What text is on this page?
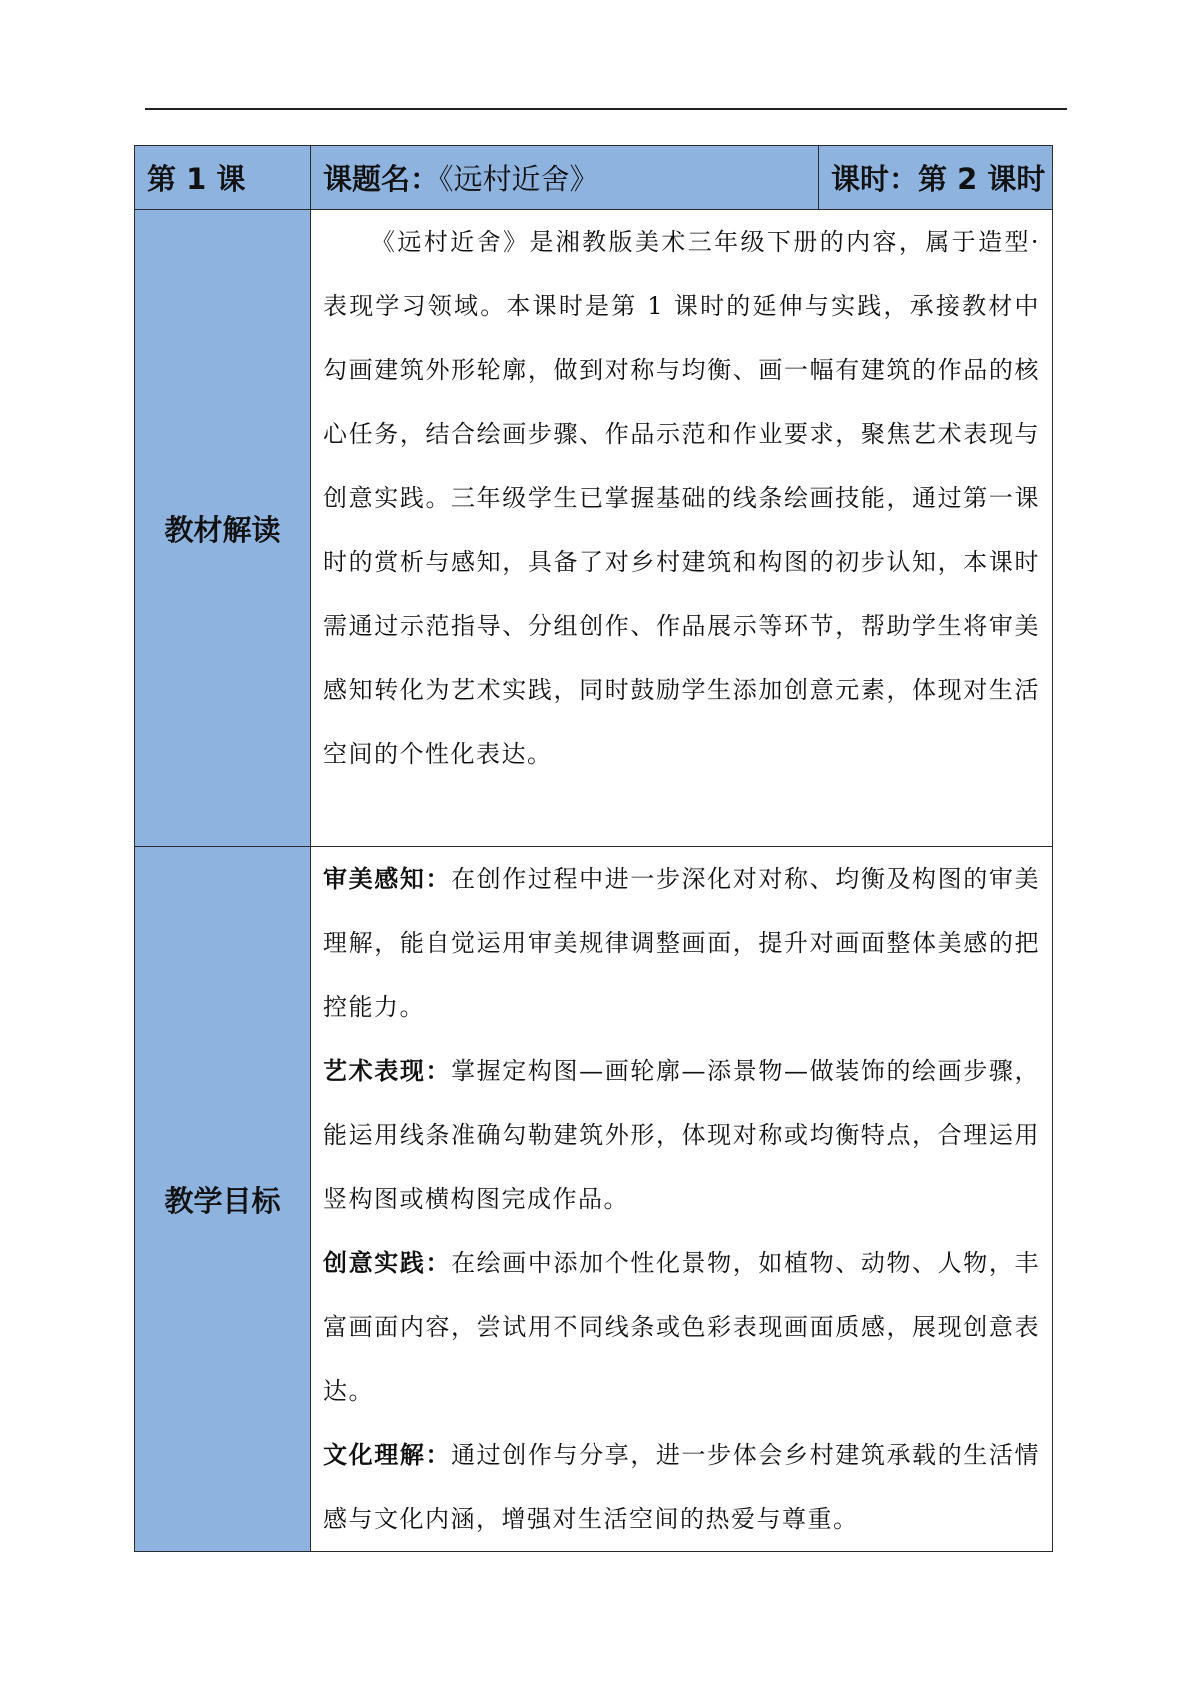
第 1 课	课题名：《远村近舍》	课时：第 2 课时
教材解读	《远村近舍》是湘教版美术三年级下册的内容，属于造型·表现学习领域。本课时是第 1 课时的延伸与实践，承接教材中勾画建筑外形轮廓，做到对称与均衡、画一幅有建筑的作品的核心任务，结合绘画步骤、作品示范和作业要求，聚焦艺术表现与创意实践。三年级学生已掌握基础的线条绘画技能，通过第一课时的赏析与感知，具备了对乡村建筑和构图的初步认知，本课时需通过示范指导、分组创作、作品展示等环节，帮助学生将审美感知转化为艺术实践，同时鼓励学生添加创意元素，体现对生活空间的个性化表达。	

教学目标	审美感知：在创作过程中进一步深化对对称、均衡及构图的审美理解，能自觉运用审美规律调整画面，提升对画面整体美感的把控能力。

艺术表现：掌握定构图—画轮廓—添景物—做装饰的绘画步骤，能运用线条准确勾勒建筑外形，体现对称或均衡特点，合理运用竖构图或横构图完成作品。

创意实践：在绘画中添加个性化景物，如植物、动物、人物，丰富画面内容，尝试用不同线条或色彩表现画面质感，展现创意表达。

文化理解：通过创作与分享，进一步体会乡村建筑承载的生活情感与文化内涵，增强对生活空间的热爱与尊重。	
